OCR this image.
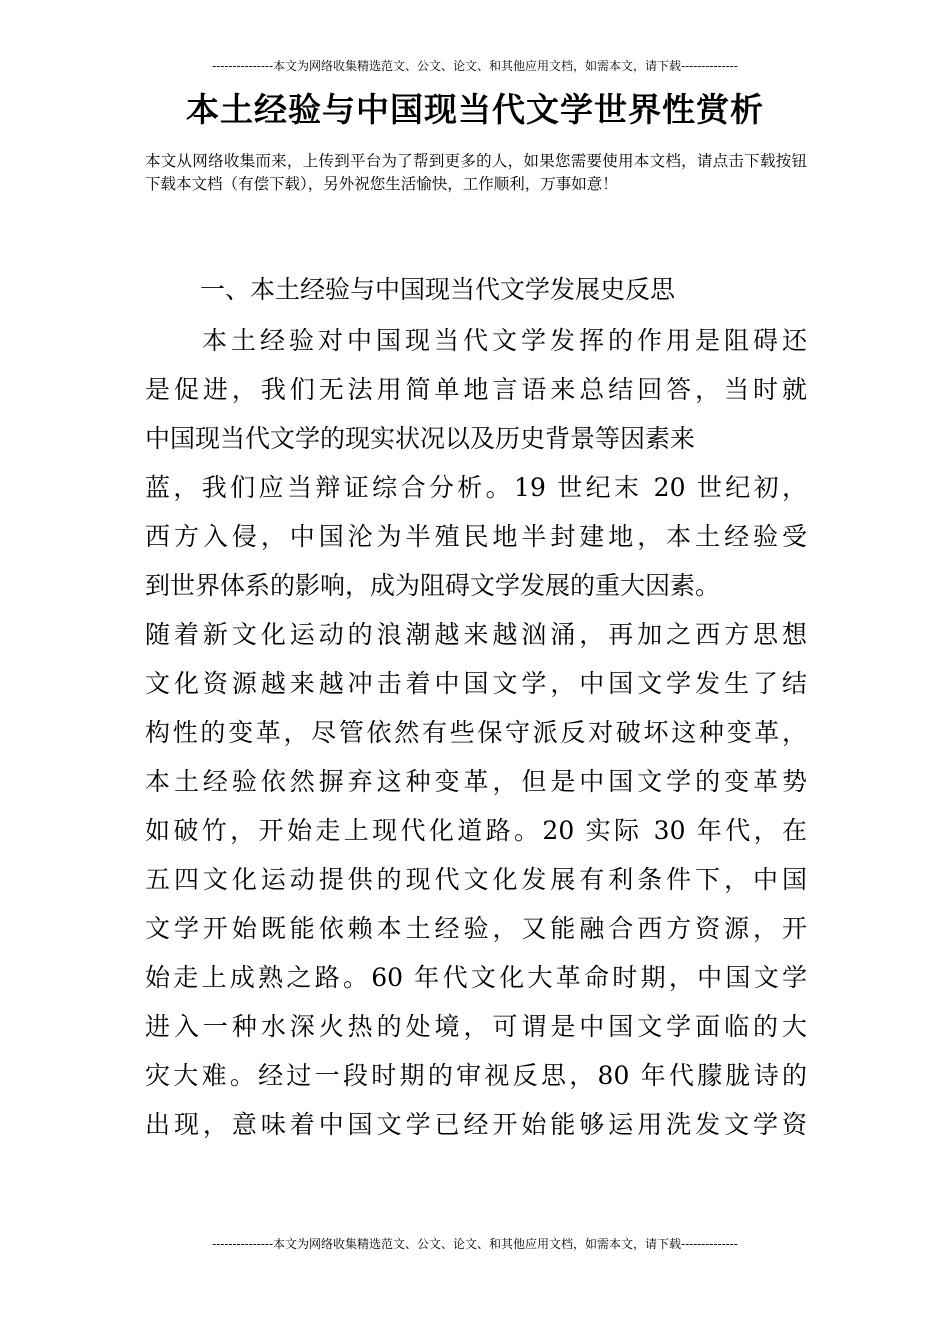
---------------本文为网络收集精选范文、公文、论文、和其他应用文档，如需本文，请下载--------------
本土经验与中国现当代文学世界性赏析

本文从网络收集而来，上传到平台为了帮到更多的人，如果您需要使用本文档，请点击下载按钮下载本文档（有偿下载），另外祝您生活愉快，工作顺利，万事如意！

一、本土经验与中国现当代文学发展史反思
本土经验对中国现当代文学发挥的作用是阻碍还
是促进，我们无法用简单地言语来总结回答，当时就
中国现当代文学的现实状况以及历史背景等因素来
蓝，我们应当辩证综合分析。19 世纪末 20 世纪初，
西方入侵，中国沦为半殖民地半封建地，本土经验受
到世界体系的影响，成为阻碍文学发展的重大因素。
随着新文化运动的浪潮越来越汹涌，再加之西方思想
文化资源越来越冲击着中国文学，中国文学发生了结
构性的变革，尽管依然有些保守派反对破坏这种变革，
本土经验依然摒弃这种变革，但是中国文学的变革势
如破竹，开始走上现代化道路。20 实际 30 年代，在
五四文化运动提供的现代文化发展有利条件下，中国
文学开始既能依赖本土经验，又能融合西方资源，开
始走上成熟之路。60 年代文化大革命时期，中国文学
进入一种水深火热的处境，可谓是中国文学面临的大
灾大难。经过一段时期的审视反思，80 年代朦胧诗的
出现，意味着中国文学已经开始能够运用洗发文学资
---------------本文为网络收集精选范文、公文、论文、和其他应用文档，如需本文，请下载--------------
